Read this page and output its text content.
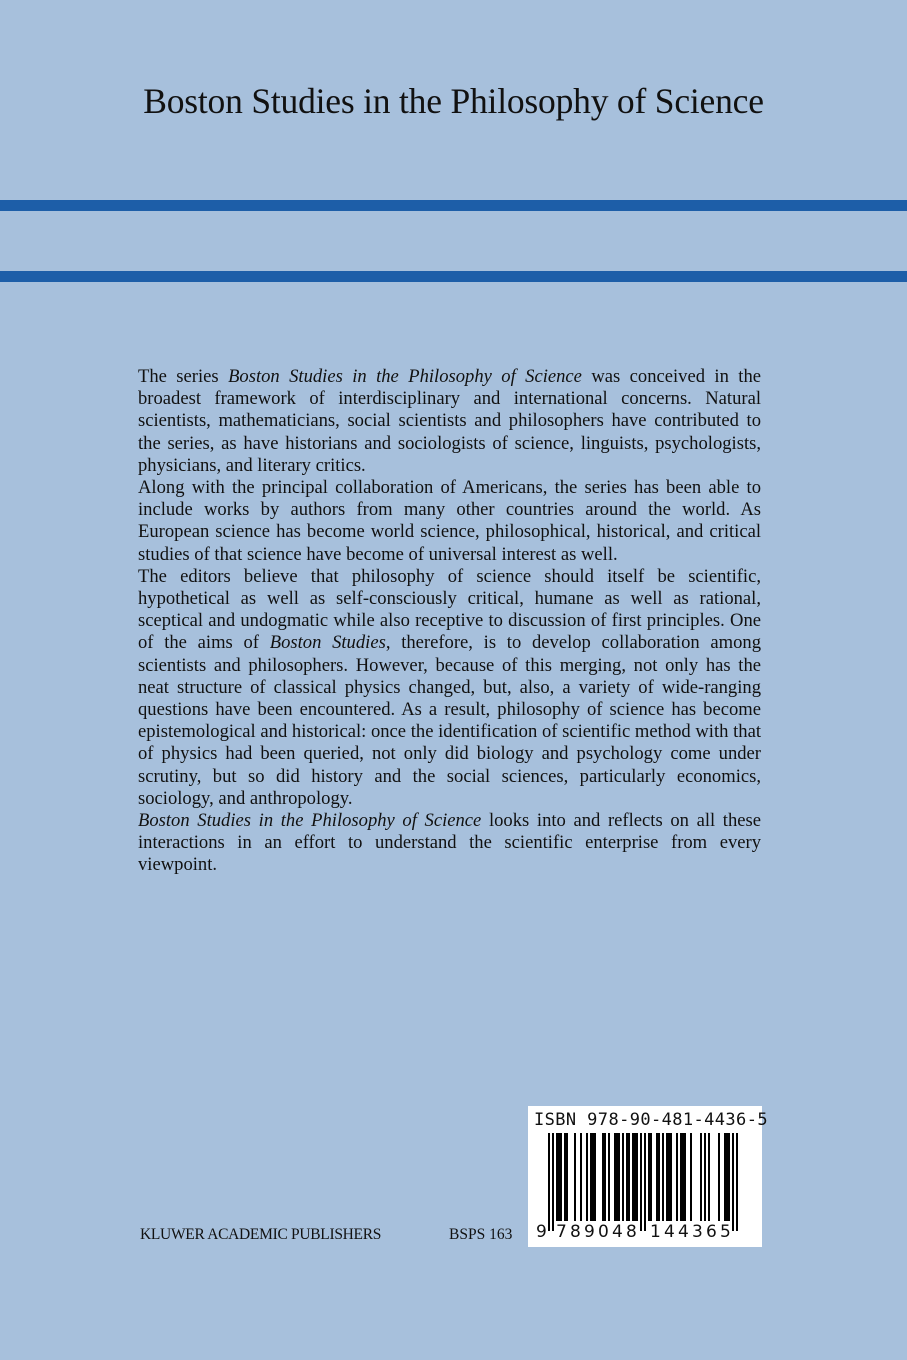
Boston Studies in the Philosophy of Science

The series Boston Studies in the Philosophy of Science was conceived in the broadest framework of interdisciplinary and international concerns. Natural scientists, mathematicians, social scientists and philosophers have contributed to the series, as have historians and sociologists of science, linguists, psychologists, physicians, and literary critics.

Along with the principal collaboration of Americans, the series has been able to include works by authors from many other countries around the world. As European science has become world science, philosophical, historical, and critical studies of that science have become of universal interest as well.

The editors believe that philosophy of science should itself be scientific, hypothetical as well as self-consciously critical, humane as well as rational, sceptical and undogmatic while also receptive to discussion of first principles. One of the aims of Boston Studies, therefore, is to develop collaboration among scientists and philosophers. However, because of this merging, not only has the neat structure of classical physics changed, but, also, a variety of wide-ranging questions have been encountered. As a result, philosophy of science has become epistemological and historical: once the identification of scientific method with that of physics had been queried, not only did biology and psychology come under scrutiny, but so did history and the social sciences, particularly economics, sociology, and anthropology.

Boston Studies in the Philosophy of Science looks into and reflects on all these interactions in an effort to understand the scientific enterprise from every viewpoint.

KLUWER ACADEMIC PUBLISHERS	BSPS 163
ISBN 978-90-481-4436-5
9 7 8 9 0 4 8 1 4 4 3 6 5
